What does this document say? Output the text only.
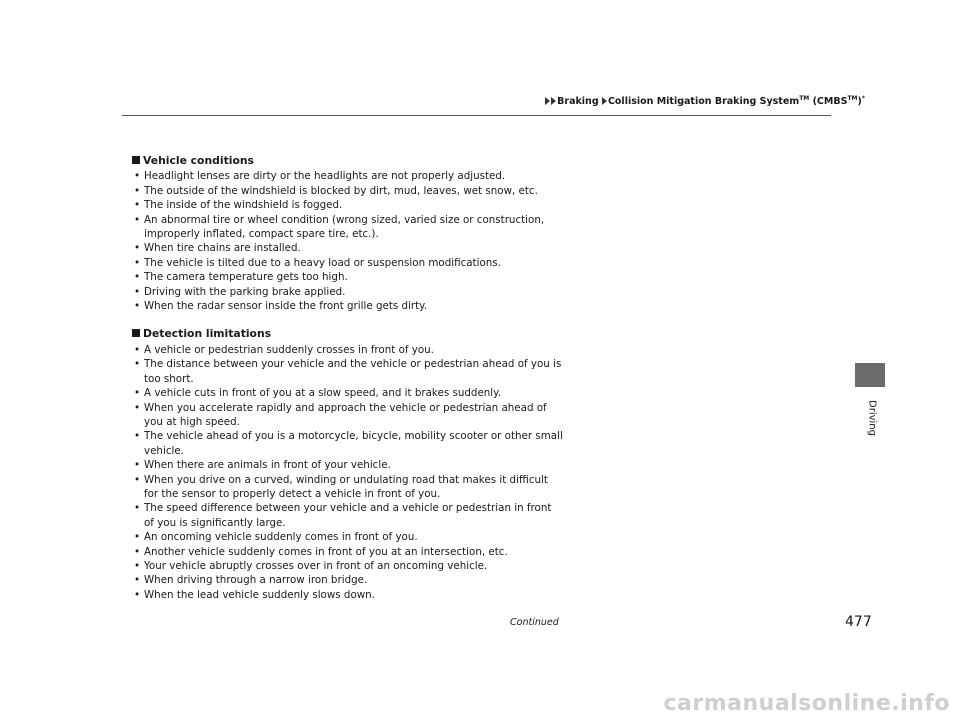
Braking Collision Mitigation Braking System™ (CMBS™)*
Vehicle conditions
• Headlight lenses are dirty or the headlights are not properly adjusted.
• The outside of the windshield is blocked by dirt, mud, leaves, wet snow, etc.
• The inside of the windshield is fogged.
• An abnormal tire or wheel condition (wrong sized, varied size or construction, improperly inflated, compact spare tire, etc.).
• When tire chains are installed.
• The vehicle is tilted due to a heavy load or suspension modifications.
• The camera temperature gets too high.
• Driving with the parking brake applied.
• When the radar sensor inside the front grille gets dirty.
Detection limitations
• A vehicle or pedestrian suddenly crosses in front of you.
• The distance between your vehicle and the vehicle or pedestrian ahead of you is too short.
• A vehicle cuts in front of you at a slow speed, and it brakes suddenly.
• When you accelerate rapidly and approach the vehicle or pedestrian ahead of you at high speed.
• The vehicle ahead of you is a motorcycle, bicycle, mobility scooter or other small vehicle.
• When there are animals in front of your vehicle.
• When you drive on a curved, winding or undulating road that makes it difficult for the sensor to properly detect a vehicle in front of you.
• The speed difference between your vehicle and a vehicle or pedestrian in front of you is significantly large.
• An oncoming vehicle suddenly comes in front of you.
• Another vehicle suddenly comes in front of you at an intersection, etc.
• Your vehicle abruptly crosses over in front of an oncoming vehicle.
• When driving through a narrow iron bridge.
• When the lead vehicle suddenly slows down.
Driving
Continued	477
carmanualsonline.info
